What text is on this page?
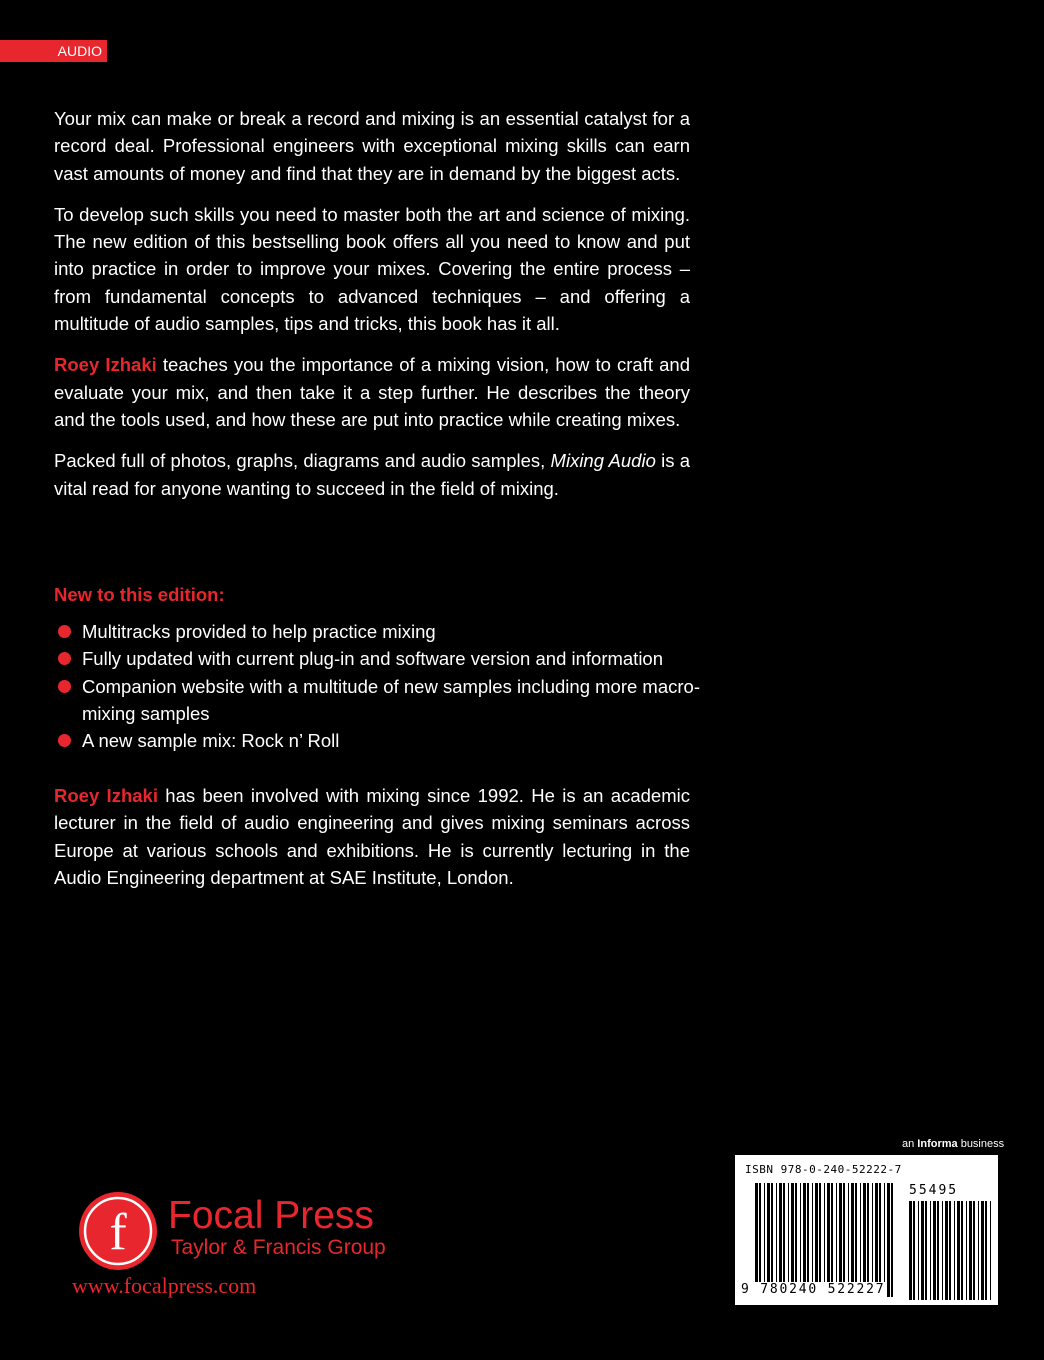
AUDIO

Your mix can make or break a record and mixing is an essential catalyst for a record deal. Professional engineers with exceptional mixing skills can earn vast amounts of money and find that they are in demand by the biggest acts.

To develop such skills you need to master both the art and science of mixing. The new edition of this bestselling book offers all you need to know and put into practice in order to improve your mixes. Covering the entire process – from fundamental concepts to advanced techniques – and offering a multitude of audio samples, tips and tricks, this book has it all.

Roey Izhaki teaches you the importance of a mixing vision, how to craft and evaluate your mix, and then take it a step further. He describes the theory and the tools used, and how these are put into practice while creating mixes.

Packed full of photos, graphs, diagrams and audio samples, Mixing Audio is a vital read for anyone wanting to succeed in the field of mixing.

New to this edition:
Multitracks provided to help practice mixing
Fully updated with current plug-in and software version and information
Companion website with a multitude of new samples including more macro-mixing samples
A new sample mix: Rock n’ Roll

Roey Izhaki has been involved with mixing since 1992. He is an academic lecturer in the field of audio engineering and gives mixing seminars across Europe at various schools and exhibitions. He is currently lecturing in the Audio Engineering department at SAE Institute, London.

f Focal Press
Taylor & Francis Group
www.focalpress.com
an Informa business
ISBN 978-0-240-52222-7
55495
9 780240 522227
